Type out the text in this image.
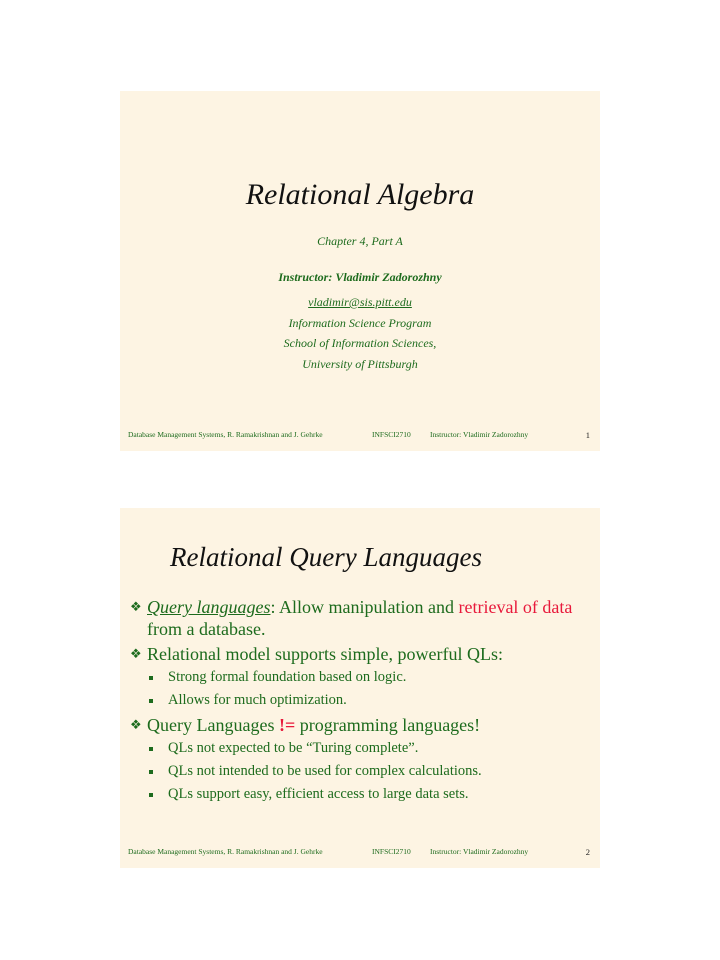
Relational Algebra
Chapter 4, Part A
Instructor: Vladimir Zadorozhny
vladimir@sis.pitt.edu
Information Science Program
School of Information Sciences,
University of Pittsburgh
Database Management Systems, R. Ramakrishnan and J. Gehrke	INFSCI2710	Instructor: Vladimir Zadorozhny	1
Relational Query Languages
❖ Query languages: Allow manipulation and retrieval of data from a database.
❖ Relational model supports simple, powerful QLs:
Strong formal foundation based on logic.
Allows for much optimization.
❖ Query Languages != programming languages!
QLs not expected to be “Turing complete”.
QLs not intended to be used for complex calculations.
QLs support easy, efficient access to large data sets.
Database Management Systems, R. Ramakrishnan and J. Gehrke	INFSCI2710	Instructor: Vladimir Zadorozhny	2
